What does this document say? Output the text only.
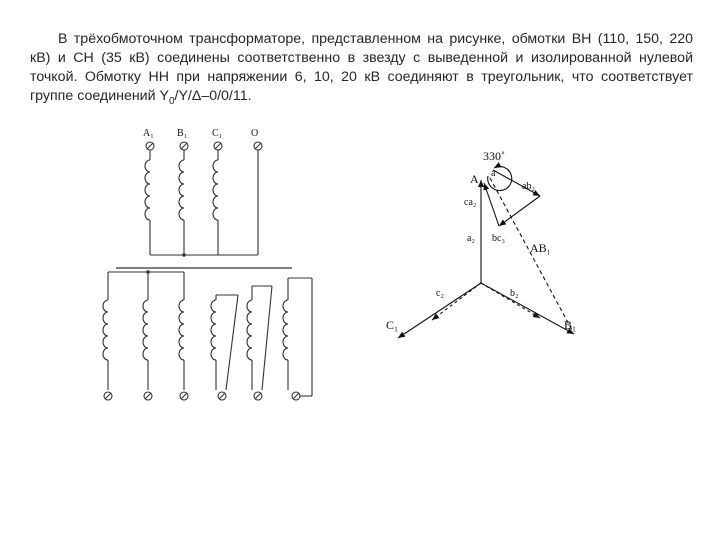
В трёхобмоточном трансформаторе, представленном на рисунке, обмотки ВН (110, 150, 220 кВ) и СН (35 кВ) соединены соответственно в звезду с выведенной и изолированной нулевой точкой. Обмотку НН при напряжении 6, 10, 20 кВ соединяют в треугольник, что соответствует группе соединений $Y_0/Y/\Delta-0/0/11$.

A₁ B₁ C₁	O
330˚
a
A
ab₂
ca₂
a₂ bc₃
AB₁
c₂	b₂
C₁	B₁
